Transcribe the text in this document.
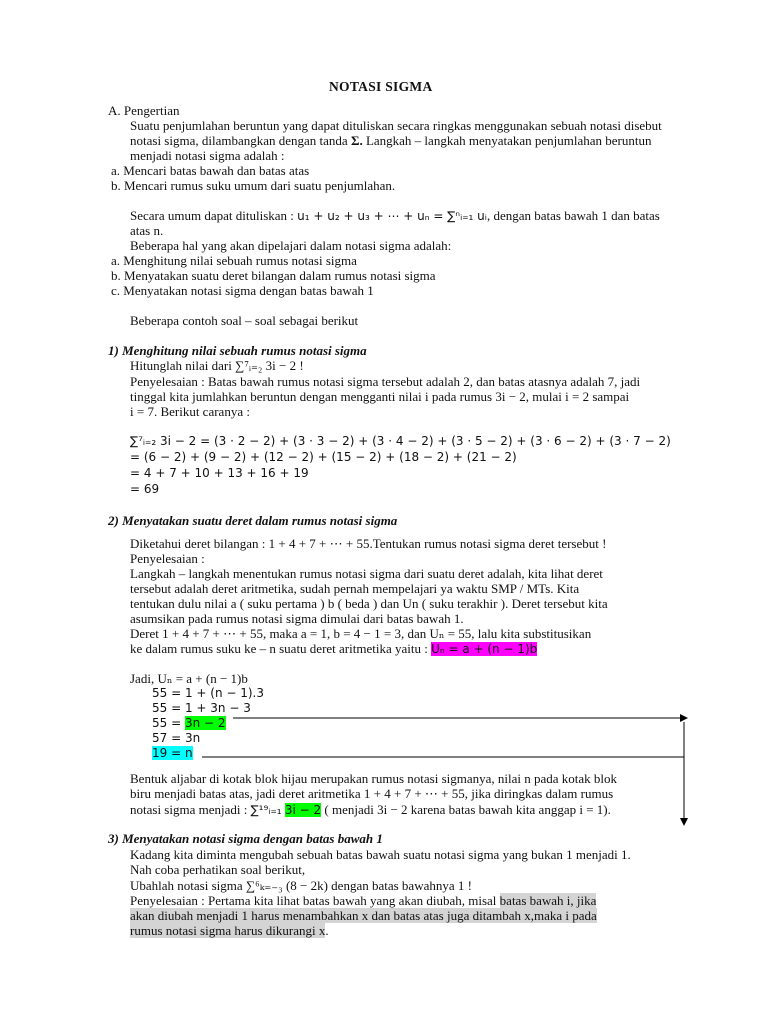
NOTASI SIGMA
A. Pengertian
Suatu penjumlahan beruntun yang dapat dituliskan secara ringkas menggunakan sebuah notasi disebut
notasi sigma, dilambangkan dengan tanda Σ. Langkah – langkah menyatakan penjumlahan beruntun
menjadi notasi sigma adalah :
a. Mencari batas bawah dan batas atas
b. Mencari rumus suku umum dari suatu penjumlahan.
Secara umum dapat dituliskan : u₁ + u₂ + u₃ + ⋯ + uₙ = ∑ⁿᵢ₌₁ uᵢ, dengan batas bawah 1 dan batas
atas n.
Beberapa hal yang akan dipelajari dalam notasi sigma adalah:
a. Menghitung nilai sebuah rumus notasi sigma
b. Menyatakan suatu deret bilangan dalam rumus notasi sigma
c. Menyatakan notasi sigma dengan batas bawah 1
Beberapa contoh soal – soal sebagai berikut
1) Menghitung nilai sebuah rumus notasi sigma
Hitunglah nilai dari ∑⁷ᵢ₌₂ 3i − 2 !
Penyelesaian : Batas bawah rumus notasi sigma tersebut adalah 2, dan batas atasnya adalah 7, jadi
tinggal kita jumlahkan beruntun dengan mengganti nilai i pada rumus 3i − 2, mulai i = 2 sampai
i = 7. Berikut caranya :
∑⁷ᵢ₌₂ 3i − 2 = (3 · 2 − 2) + (3 · 3 − 2) + (3 · 4 − 2) + (3 · 5 − 2) + (3 · 6 − 2) + (3 · 7 − 2)
= (6 − 2) + (9 − 2) + (12 − 2) + (15 − 2) + (18 − 2) + (21 − 2)
= 4 + 7 + 10 + 13 + 16 + 19
= 69
2) Menyatakan suatu deret dalam rumus notasi sigma
Diketahui deret bilangan : 1 + 4 + 7 + ⋯ + 55.Tentukan rumus notasi sigma deret tersebut !
Penyelesaian :
Langkah – langkah menentukan rumus notasi sigma dari suatu deret adalah, kita lihat deret
tersebut adalah deret aritmetika, sudah pernah mempelajari ya waktu SMP / MTs. Kita
tentukan dulu nilai a ( suku pertama ) b ( beda ) dan Un ( suku terakhir ). Deret tersebut kita
asumsikan pada rumus notasi sigma dimulai dari batas bawah 1.
Deret 1 + 4 + 7 + ⋯ + 55, maka a = 1, b = 4 − 1 = 3, dan Uₙ = 55, lalu kita substitusikan
ke dalam rumus suku ke – n suatu deret aritmetika yaitu : Uₙ = a + (n − 1)b
Jadi, Uₙ = a + (n − 1)b
55 = 1 + (n − 1).3
55 = 1 + 3n − 3
55 = 3n − 2
57 = 3n
19 = n
Bentuk aljabar di kotak blok hijau merupakan rumus notasi sigmanya, nilai n pada kotak blok
biru menjadi batas atas, jadi deret aritmetika 1 + 4 + 7 + ⋯ + 55, jika diringkas dalam rumus
notasi sigma menjadi : ∑¹⁹ᵢ₌₁ 3i − 2 ( menjadi 3i − 2 karena batas bawah kita anggap i = 1).
3) Menyatakan notasi sigma dengan batas bawah 1
Kadang kita diminta mengubah sebuah batas bawah suatu notasi sigma yang bukan 1 menjadi 1.
Nah coba perhatikan soal berikut,
Ubahlah notasi sigma ∑⁶ₖ₌₋₃ (8 − 2k) dengan batas bawahnya 1 !
Penyelesaian : Pertama kita lihat batas bawah yang akan diubah, misal batas bawah i, jika
akan diubah menjadi 1 harus menambahkan x dan batas atas juga ditambah x,maka i pada
rumus notasi sigma harus dikurangi x.
